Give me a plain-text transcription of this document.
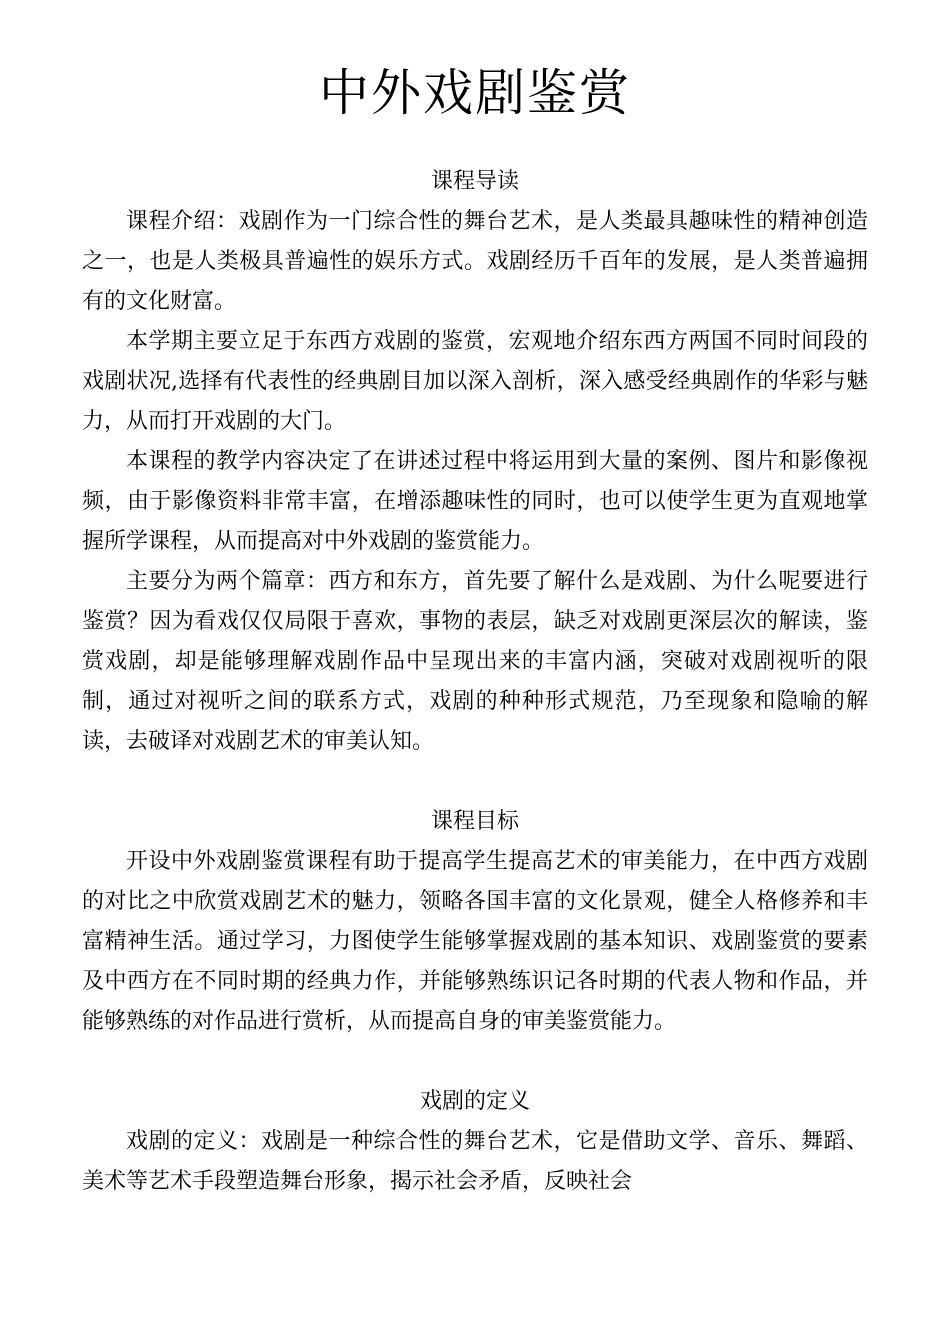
中外戏剧鉴赏
课程导读

课程介绍：戏剧作为一门综合性的舞台艺术，是人类最具趣味性的精神创造之一，也是人类极具普遍性的娱乐方式。戏剧经历千百年的发展，是人类普遍拥有的文化财富。

本学期主要立足于东西方戏剧的鉴赏，宏观地介绍东西方两国不同时间段的戏剧状况,选择有代表性的经典剧目加以深入剖析，深入感受经典剧作的华彩与魅力，从而打开戏剧的大门。

本课程的教学内容决定了在讲述过程中将运用到大量的案例、图片和影像视频，由于影像资料非常丰富，在增添趣味性的同时，也可以使学生更为直观地掌握所学课程，从而提高对中外戏剧的鉴赏能力。

主要分为两个篇章：西方和东方，首先要了解什么是戏剧、为什么呢要进行鉴赏？因为看戏仅仅局限于喜欢，事物的表层，缺乏对戏剧更深层次的解读，鉴赏戏剧，却是能够理解戏剧作品中呈现出来的丰富内涵，突破对戏剧视听的限制，通过对视听之间的联系方式，戏剧的种种形式规范，乃至现象和隐喻的解读，去破译对戏剧艺术的审美认知。

课程目标

开设中外戏剧鉴赏课程有助于提高学生提高艺术的审美能力，在中西方戏剧的对比之中欣赏戏剧艺术的魅力，领略各国丰富的文化景观，健全人格修养和丰富精神生活。通过学习，力图使学生能够掌握戏剧的基本知识、戏剧鉴赏的要素及中西方在不同时期的经典力作，并能够熟练识记各时期的代表人物和作品，并能够熟练的对作品进行赏析，从而提高自身的审美鉴赏能力。

戏剧的定义

戏剧的定义：戏剧是一种综合性的舞台艺术，它是借助文学、音乐、舞蹈、美术等艺术手段塑造舞台形象，揭示社会矛盾，反映社会
